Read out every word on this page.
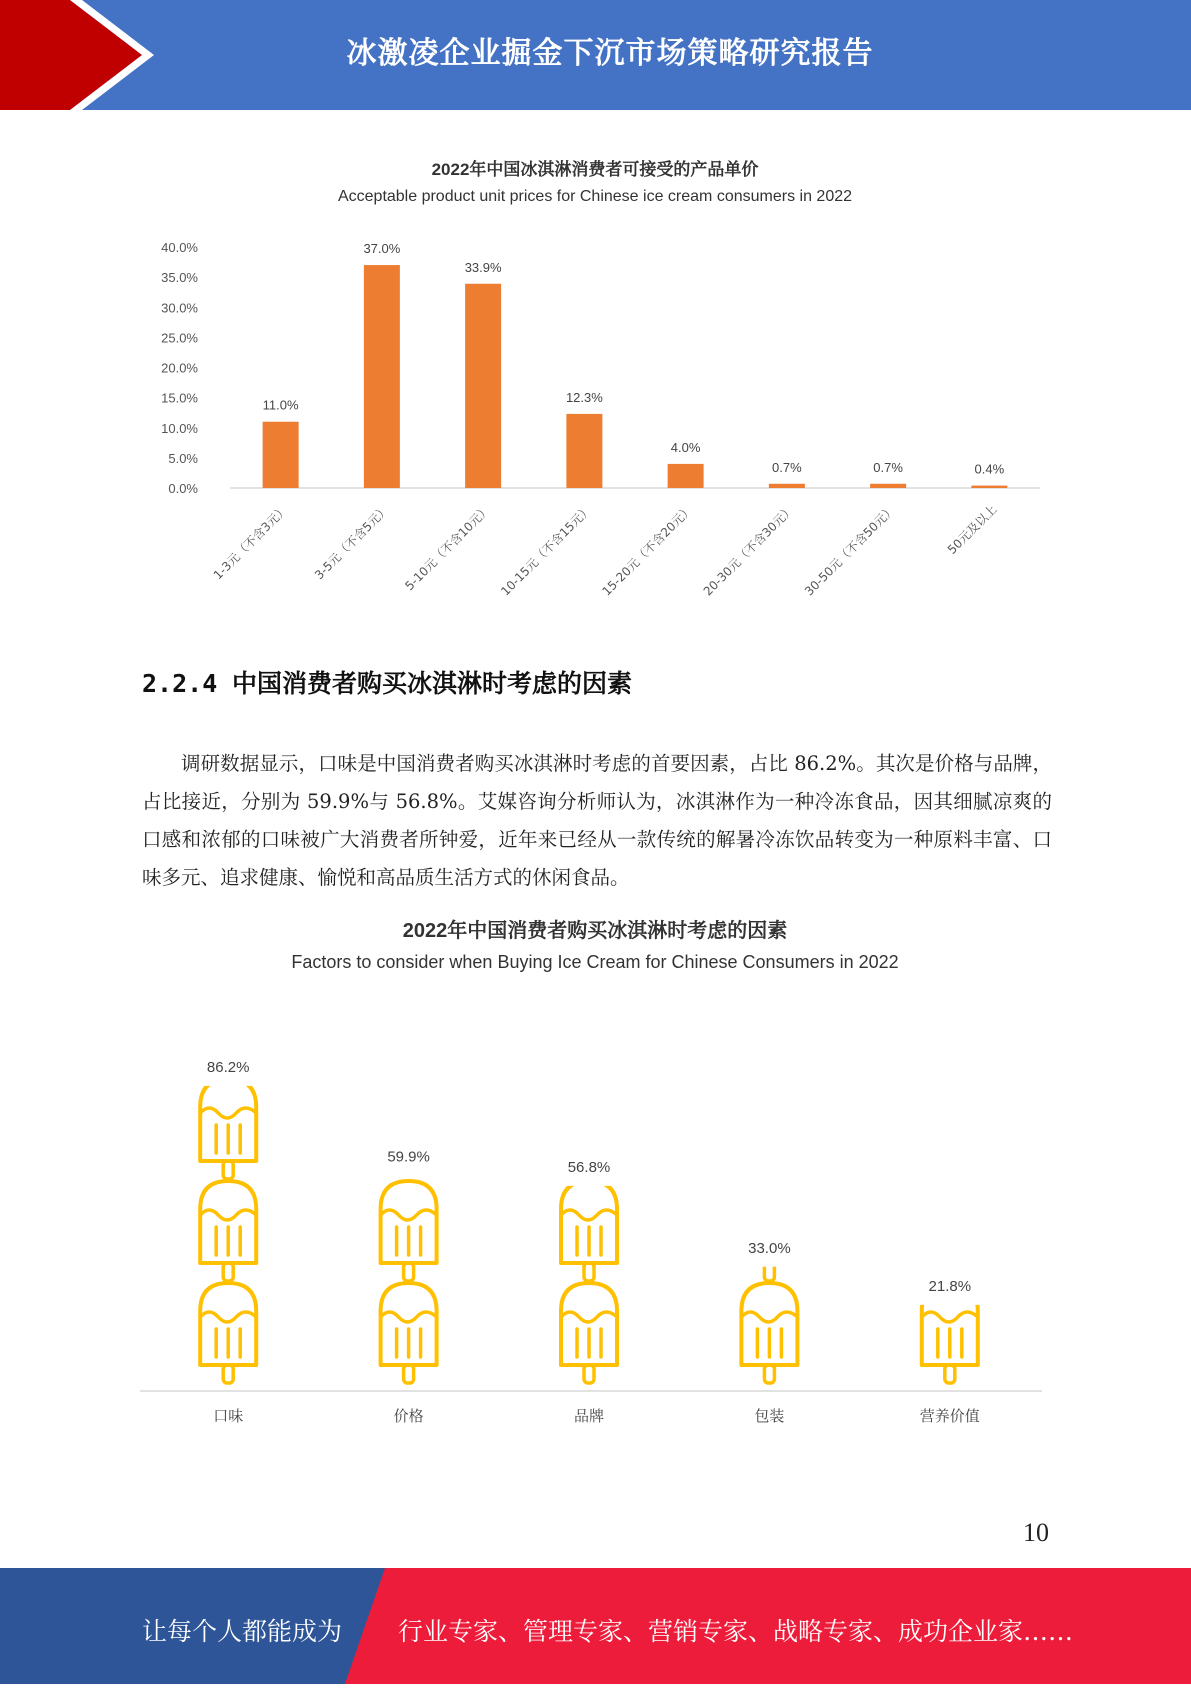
冰激凌企业掘金下沉市场策略研究报告
2022年中国冰淇淋消费者可接受的产品单价
Acceptable product unit prices for Chinese ice cream consumers in 2022
0.0%
5.0%
10.0%
15.0%
20.0%
25.0%
30.0%
35.0%
40.0%
11.0%
1-3元（不含3元）
37.0%
3-5元（不含5元）
33.9%
5-10元（不含10元）
12.3%
10-15元（不含15元）
4.0%
15-20元（不含20元）
0.7%
20-30元（不含30元）
0.7%
30-50元（不含50元）
0.4%
50元及以上
2.2.4 中国消费者购买冰淇淋时考虑的因素
调研数据显示，口味是中国消费者购买冰淇淋时考虑的首要因素，占比 86.2%。其次是价格与品牌，占比接近，分别为 59.9%与 56.8%。艾媒咨询分析师认为，冰淇淋作为一种冷冻食品，因其细腻凉爽的口感和浓郁的口味被广大消费者所钟爱，近年来已经从一款传统的解暑冷冻饮品转变为一种原料丰富、口味多元、追求健康、愉悦和高品质生活方式的休闲食品。
2022年中国消费者购买冰淇淋时考虑的因素
Factors to consider when Buying Ice Cream for Chinese Consumers in 2022
86.2%
口味
59.9%
价格
56.8%
品牌
33.0%
包装
21.8%
营养价值
10
让每个人都能成为 行业专家、管理专家、营销专家、战略专家、成功企业家……
